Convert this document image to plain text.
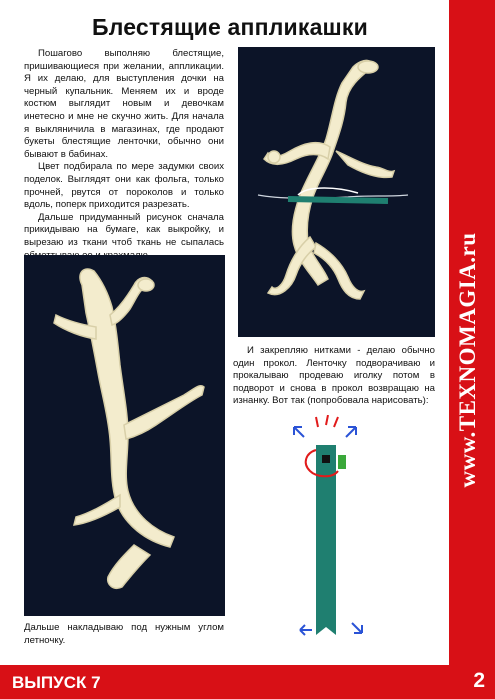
Блестящие аппликашки

Пошагово выполняю блестящие, пришивающиеся при желании, аппликации. Я их делаю, для выступления дочки на черный купальник. Меняем их и вроде костюм выглядит новым и девочкам инетесно и мне не скучно жить. Для начала я выкляничила в магазинах, где продают букеты блестящие ленточки, обычно они бывают в бабинах.

Цвет подбирала по мере задумки своих поделок. Выглядят они как фольга, только прочней, рвутся от пороколов и только вдоль, поперк приходится разрезать.

Дальше придуманный рисунок сначала прикидываю на бумаге, как выкройку, и вырезаю из ткани чтоб ткань не сыпалась

И закрепляю нитками - делаю обычно один прокол. Ленточку подворачиваю и прокалываю продеваю иголку потом в подворот и снова в прокол возвращаю на изнанку. Вот так (попробовала нарисовать):

Дальше накладываю под нужным углом летночку.
www.TEXNOMAGIA.ru
ВЫПУСК 7	2
